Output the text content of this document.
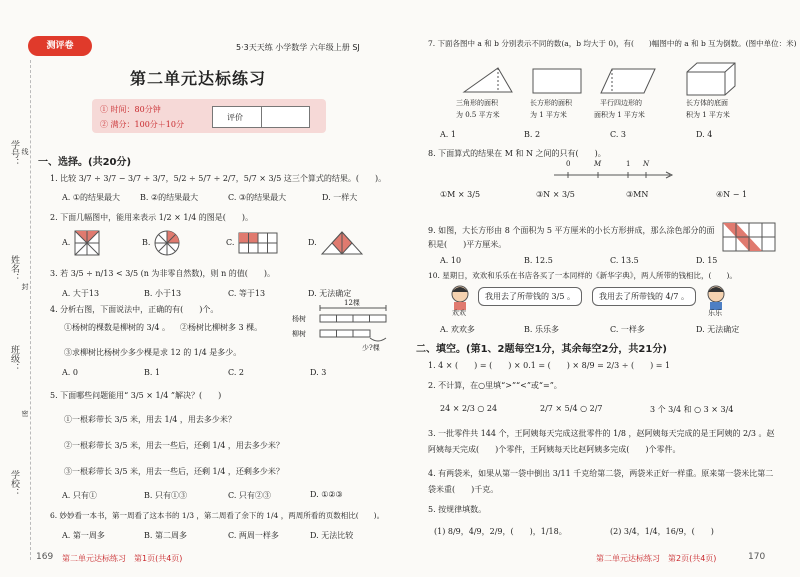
学号： 线
姓名：
封
班级：
密
学校：
测评卷	5·3天天练 小学数学 六年级上册 SJ
第二单元达标练习
① 时间：80分钟
② 满分：100分＋10分
评价
一、选择。(共20分)
1. 比较 3/7 ÷ 3/7 − 3/7 ÷ 3/7，5/2 ÷ 5/7 ÷ 2/7，5/7 × 3/5 这三个算式的结果。(　　)。
A. ①的结果最大 B. ②的结果最大	C. ③的结果最大	D. 一样大
2. 下面几幅图中，能用来表示 1/2 × 1/4 的图是(　　)。
A.	B.	C.	D.
3. 若 3/5 ÷ n/13 < 3/5 (n 为非零自然数)，则 n 的值(　　)。
A. 大于13	B. 小于13	C. 等于13	D. 无法确定
4. 分析右图，下面说法中，正确的有(　　)个。
①杨树的棵数是柳树的 3/4 。 ②杨树比柳树多 3 棵。
③求柳树比杨树少多少棵是求 12 的 1/4 是多少。
12棵
杨树
柳树
少?棵
A. 0	B. 1	C. 2	D. 3
5. 下面哪些问题能用“ 3/5 × 1/4 ”解决？(　　)
①一根彩带长 3/5 米，用去 1/4 ，用去多少米？
②一根彩带长 3/5 米，用去一些后，还剩 1/4 ，用去多少米？
③一根彩带长 3/5 米，用去一些后，还剩 1/4 ，还剩多少米？
A. 只有①	B. 只有①③	C. 只有②③	D. ①②③
6. 妙妙看一本书，第一周看了这本书的 1/3 ，第二周看了余下的 1/4 ，两周所看的页数相比(　　)。
A. 第一周多	B. 第二周多	C. 两周一样多	D. 无法比较
169 第二单元达标练习　第1页(共4页)
7. 下面各图中 a 和 b 分别表示不同的数(a，b 均大于 0)，有(　　)幅图中的 a 和 b 互为倒数。(图中单位：米)
三角形的面积
为 0.5 平方米
长方形的面积
为 1 平方米
平行四边形的
面积为 1 平方米
长方体的底面
积为 1 平方米
A. 1	B. 2	C. 3	D. 4
8. 下面算式的结果在 M 和 N 之间的只有(　　)。
0	M	1 N
①M × 3/5	③N × 3/5	③MN	④N − 1
9. 如图，大长方形由 8 个面积为 5 平方厘米的小长方形拼成，那么涂色部分的面积是(　　)平方厘米。
A. 10	B. 12.5	C. 13.5	D. 15
10. 星期日，欢欢和乐乐在书店各买了一本同样的《新华字典》，两人所带的钱相比，(　　)。
欢欢
我用去了所带钱的 3/5 。	我用去了所带钱的 4/7 。
乐乐
A. 欢欢多	B. 乐乐多	C. 一样多	D. 无法确定
二、填空。(第1、2题每空1分，其余每空2分，共21分)
1. 4 × (　　) = (　　) × 0.1 = (　　) × 8/9 = 2/3 ÷ (　　) = 1
2. 不计算，在○里填“>”“<”或“=”。
24 × 2/3 ○ 24	2/7 × 5/4 ○ 2/7	3 个 3/4 和 ○ 3 × 3/4
3. 一批零件共 144 个，王阿姨每天完成这批零件的 1/8 ，赵阿姨每天完成的是王阿姨的 2/3 。赵阿姨每天完成(　　)个零件，王阿姨每天比赵阿姨多完成(　　)个零件。
4. 有两袋米，如果从第一袋中倒出 3/11 千克给第二袋，两袋米正好一样重。原来第一袋米比第二袋米重(　　)千克。
5. 按规律填数。
(1) 8/9，4/9，2/9，(　　)，1/18。	(2) 3/4，1/4，16/9，(　　)
第二单元达标练习　第2页(共4页)	170
